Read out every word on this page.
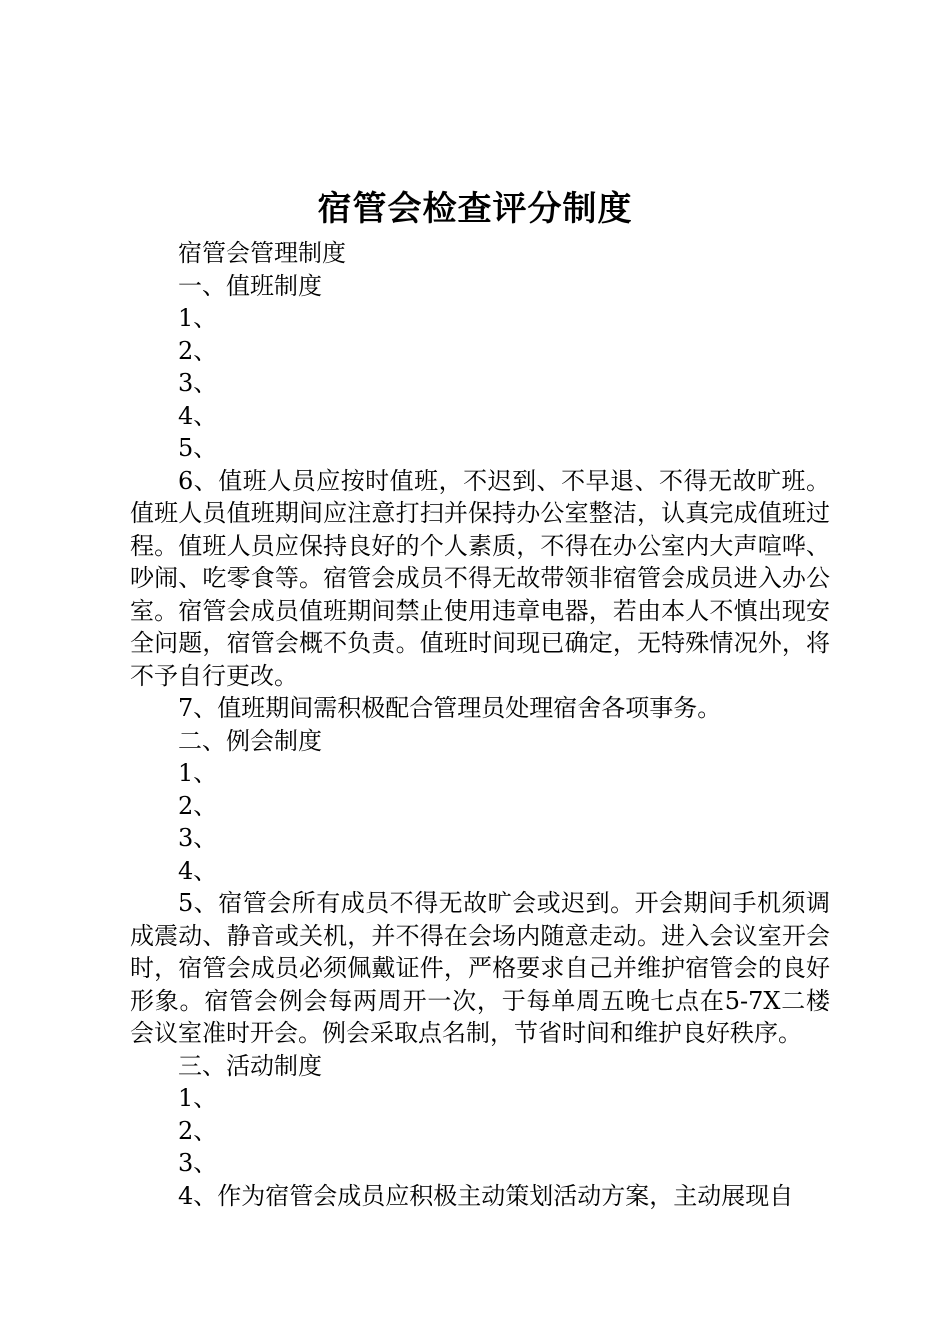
宿管会检查评分制度

宿管会管理制度

一、值班制度

1、

2、

3、

4、

5、

6、值班人员应按时值班，不迟到、不早退、不得无故旷班。值班人员值班期间应注意打扫并保持办公室整洁，认真完成值班过程。值班人员应保持良好的个人素质，不得在办公室内大声喧哗、吵闹、吃零食等。宿管会成员不得无故带领非宿管会成员进入办公室。宿管会成员值班期间禁止使用违章电器，若由本人不慎出现安全问题，宿管会概不负责。值班时间现已确定，无特殊情况外，将不予自行更改。

7、值班期间需积极配合管理员处理宿舍各项事务。

二、例会制度

1、

2、

3、

4、

5、宿管会所有成员不得无故旷会或迟到。开会期间手机须调成震动、静音或关机，并不得在会场内随意走动。进入会议室开会时，宿管会成员必须佩戴证件，严格要求自己并维护宿管会的良好形象。宿管会例会每两周开一次，于每单周五晚七点在5-7X二楼会议室准时开会。例会采取点名制，节省时间和维护良好秩序。

三、活动制度

1、

2、

3、

4、作为宿管会成员应积极主动策划活动方案，主动展现自
